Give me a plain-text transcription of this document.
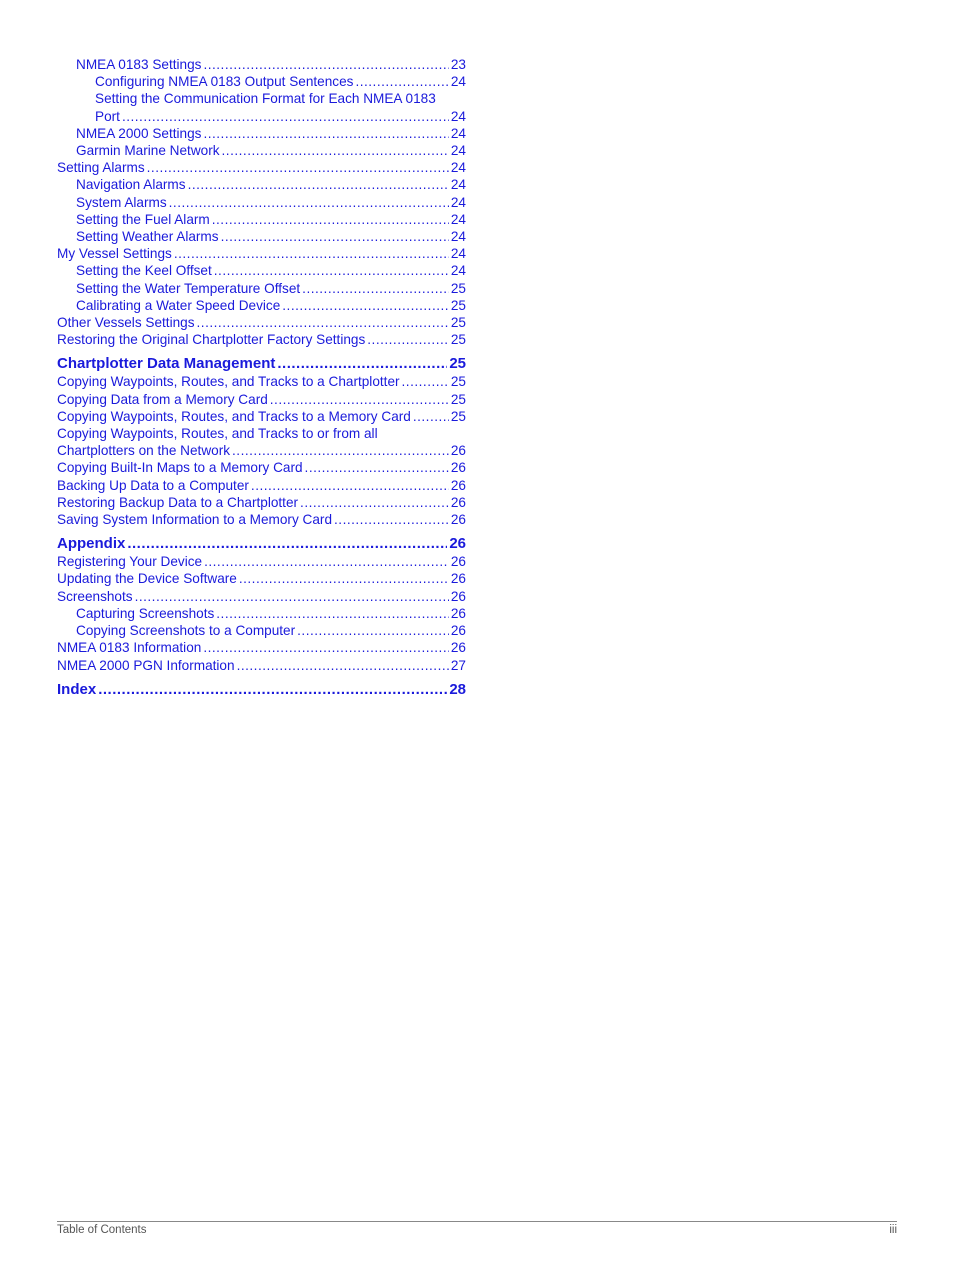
NMEA 0183 Settings .....	23
Configuring NMEA 0183 Output Sentences .....	24
Setting the Communication Format for Each NMEA 0183
Port .....	24
NMEA 2000 Settings .....	24
Garmin Marine Network .....	24
Setting Alarms .....	24
Navigation Alarms .....	24
System Alarms .....	24
Setting the Fuel Alarm .....	24
Setting Weather Alarms .....	24
My Vessel Settings .....	24
Setting the Keel Offset .....	24
Setting the Water Temperature Offset .....	25
Calibrating a Water Speed Device .....	25
Other Vessels Settings .....	25
Restoring the Original Chartplotter Factory Settings .....	25
Chartplotter Data Management .....	25
Copying Waypoints, Routes, and Tracks to a Chartplotter .....	25
Copying Data from a Memory Card .....	25
Copying Waypoints, Routes, and Tracks to a Memory Card .....	25
Copying Waypoints, Routes, and Tracks to or from all
Chartplotters on the Network .....	26
Copying Built-In Maps to a Memory Card .....	26
Backing Up Data to a Computer .....	26
Restoring Backup Data to a Chartplotter .....	26
Saving System Information to a Memory Card .....	26
Appendix .....	26
Registering Your Device .....	26
Updating the Device Software .....	26
Screenshots .....	26
Capturing Screenshots .....	26
Copying Screenshots to a Computer .....	26
NMEA 0183 Information .....	26
NMEA 2000 PGN Information .....	27
Index .....	28
Table of Contents	iii
